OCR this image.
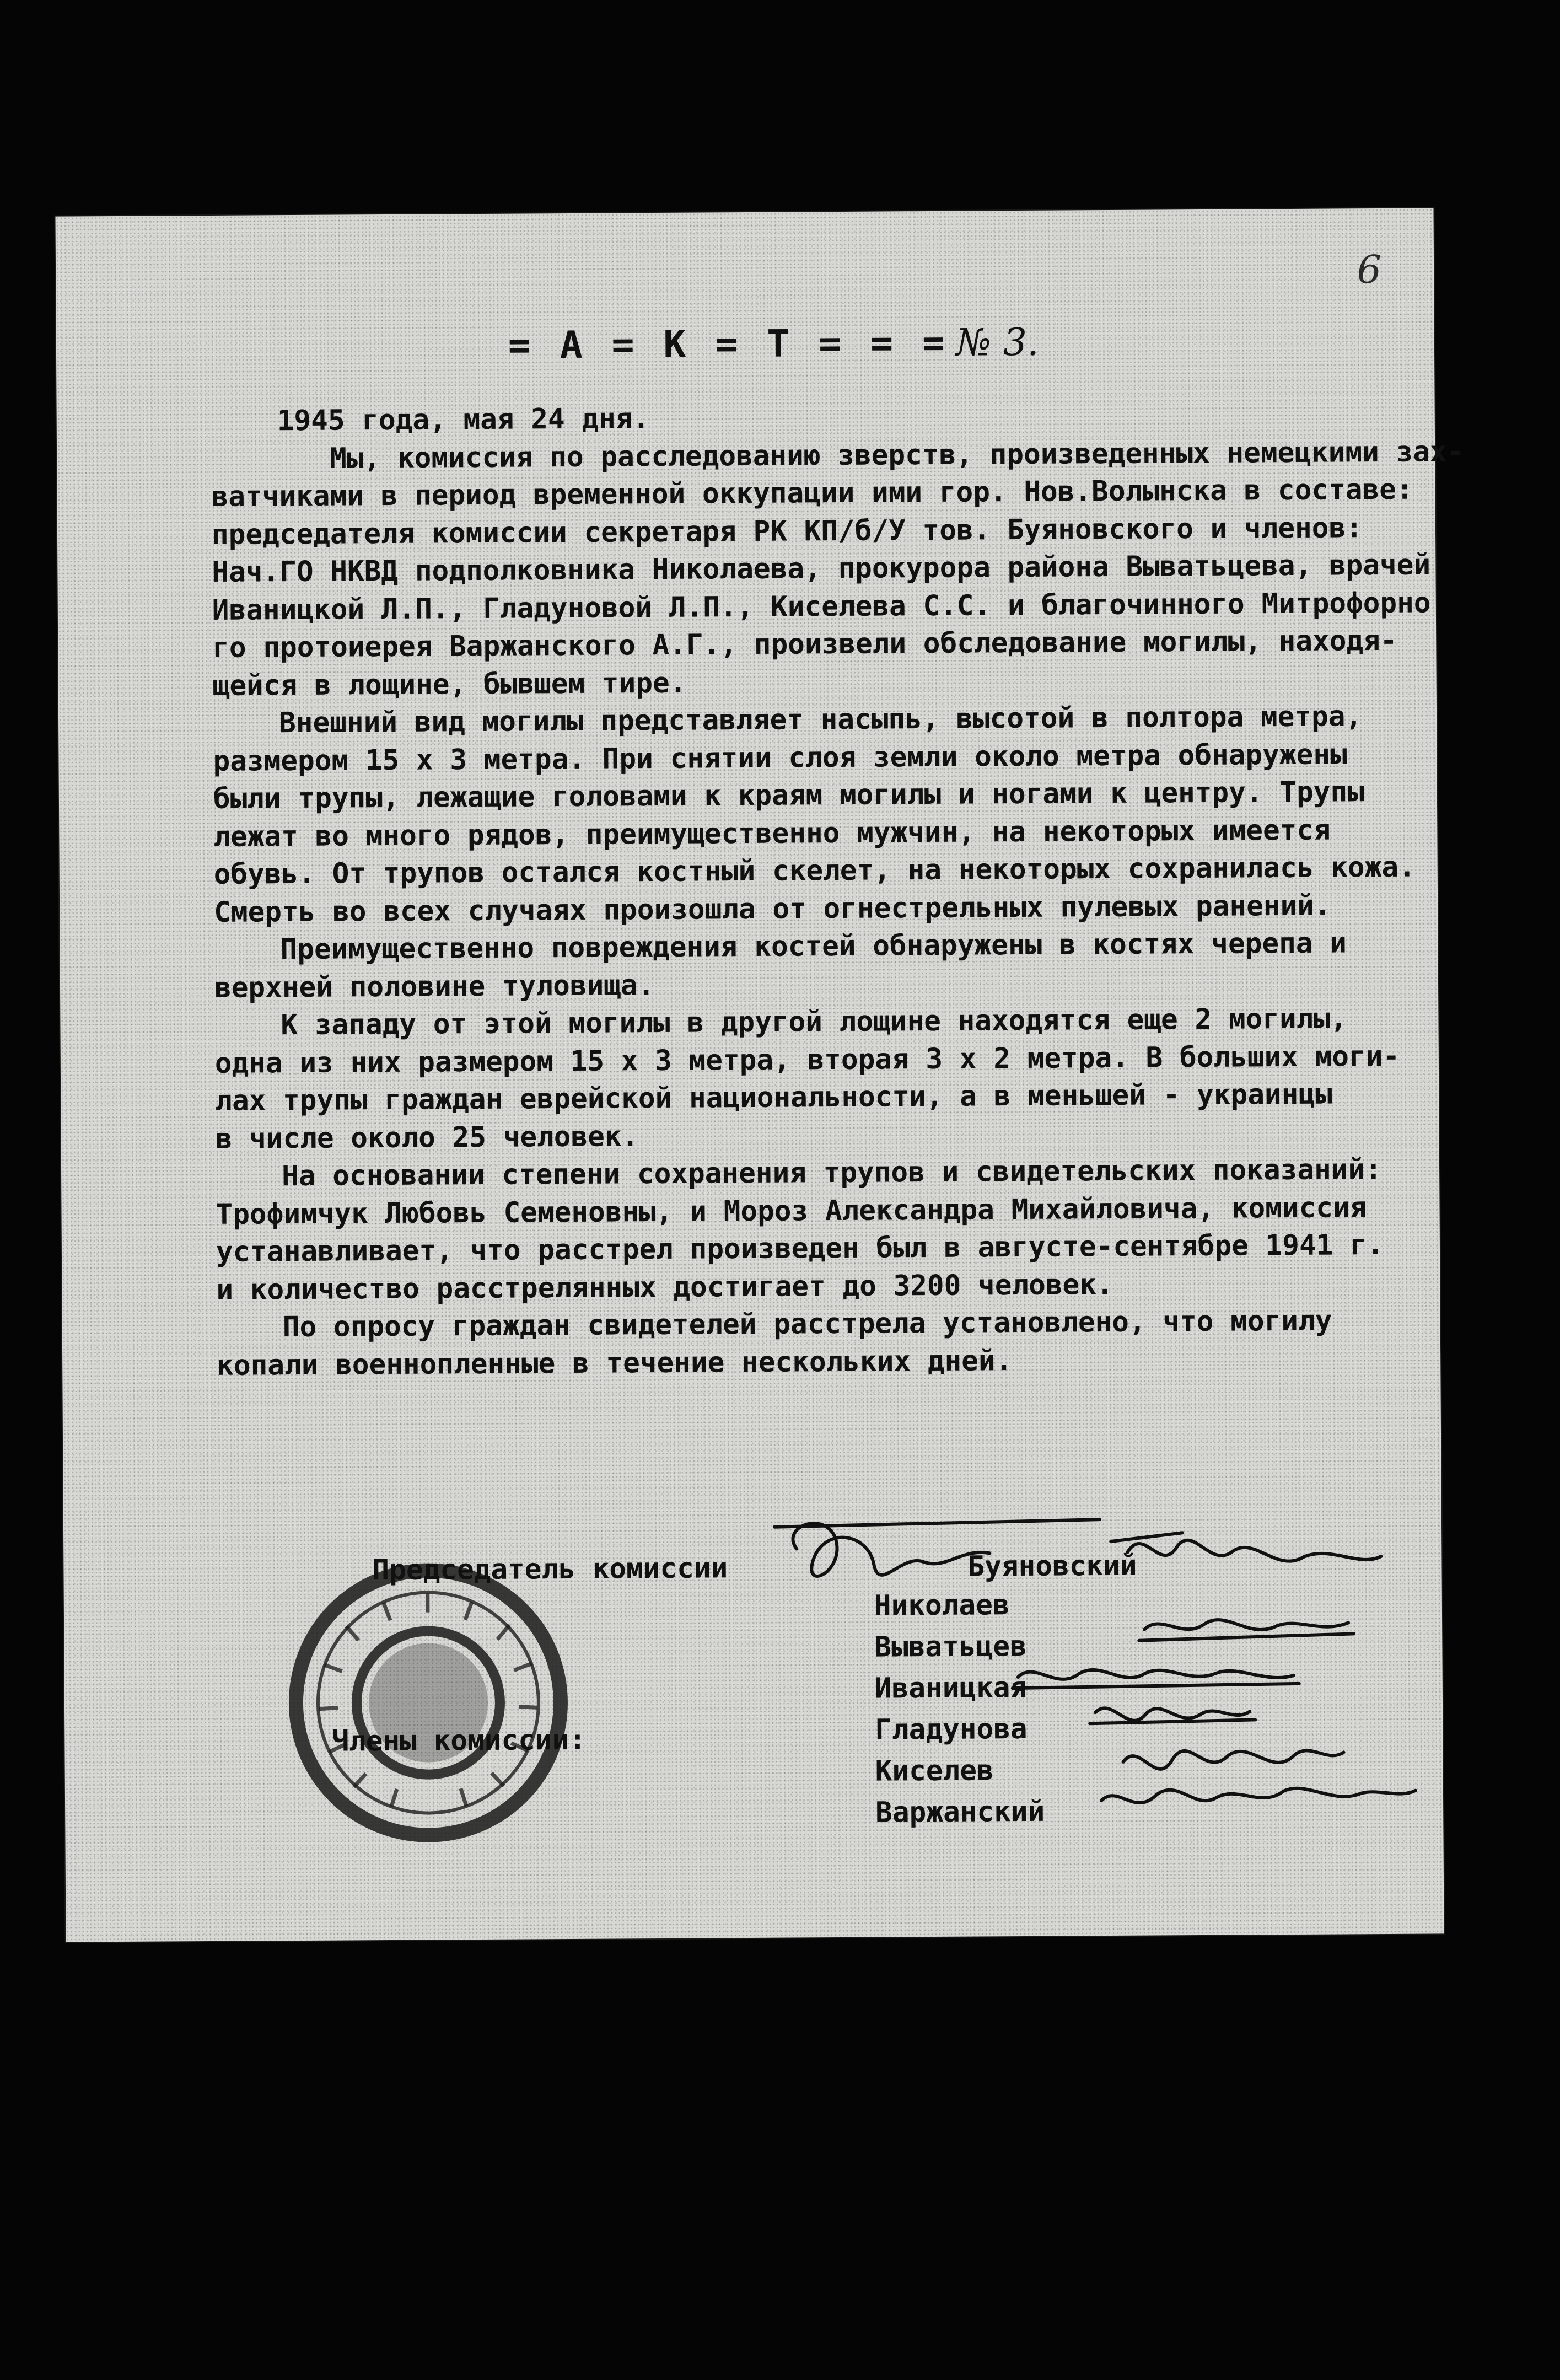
6
= А = К = Т = = = № 3.
1945 года, мая 24 дня.
Мы, комиссия по расследованию зверств, произведенных немецкими зах-
ватчиками в период временной оккупации ими гор. Нов.Волынска в составе:
председателя комиссии секретаря РК КП/б/У тов. Буяновского и членов:
Нач.ГО НКВД подполковника Николаева, прокурора района Выватьцева, врачей
Иваницкой Л.П., Гладуновой Л.П., Киселева С.С. и благочинного Митрофорно
го протоиерея Варжанского А.Г., произвели обследование могилы, находя-
щейся в лощине, бывшем тире.
Внешний вид могилы представляет насыпь, высотой в полтора метра,
размером 15 х 3 метра. При снятии слоя земли около метра обнаружены
были трупы, лежащие головами к краям могилы и ногами к центру. Трупы
лежат во много рядов, преимущественно мужчин, на некоторых имеется
обувь. От трупов остался костный скелет, на некоторых сохранилась кожа.
Смерть во всех случаях произошла от огнестрельных пулевых ранений.
Преимущественно повреждения костей обнаружены в костях черепа и
верхней половине туловища.
К западу от этой могилы в другой лощине находятся еще 2 могилы,
одна из них размером 15 х 3 метра, вторая 3 х 2 метра. В больших моги-
лах трупы граждан еврейской национальности, а в меньшей - украинцы
в числе около 25 человек.
На основании степени сохранения трупов и свидетельских показаний:
Трофимчук Любовь Семеновны, и Мороз Александра Михайловича, комиссия
устанавливает, что расстрел произведен был в августе-сентябре 1941 г.
и количество расстрелянных достигает до 3200 человек.
По опросу граждан свидетелей расстрела установлено, что могилу
копали военнопленные в течение нескольких дней.
Председатель комиссии
Члены комиссии:
Буяновский
Николаев
Выватьцев
Иваницкая
Гладунова
Киселев
Варжанский
